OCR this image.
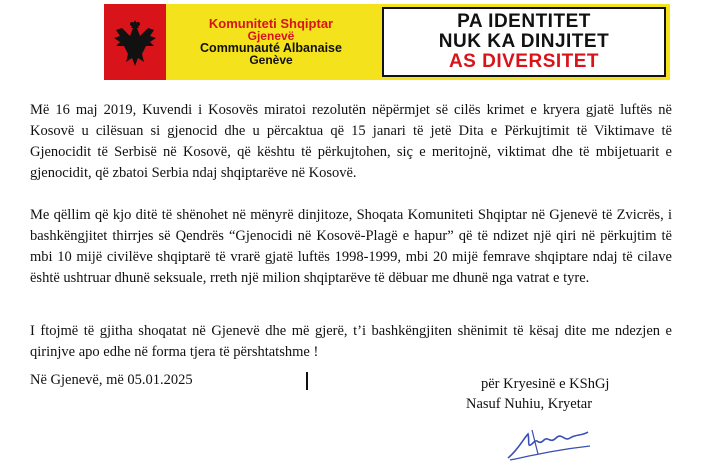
Komuniteti Shqiptar
Gjenevë
Communauté Albanaise
Genève
PA IDENTITET
NUK KA DINJITET
AS DIVERSITET

Më 16 maj 2019, Kuvendi i Kosovës miratoi rezolutën nëpërmjet së cilës krimet e kryera gjatë luftës në Kosovë u cilësuan si gjenocid dhe u përcaktua që 15 janari të jetë Dita e Përkujtimit të Viktimave të Gjenocidit të Serbisë në Kosovë, që kështu të përkujtohen, siç e meritojnë, viktimat dhe të mbijetuarit e gjenocidit, që zbatoi Serbia ndaj shqiptarëve në Kosovë.

Me qëllim që kjo ditë të shënohet në mënyrë dinjitoze, Shoqata Komuniteti Shqiptar në Gjenevë të Zvicrës, i bashkëngjitet thirrjes së Qendrës “Gjenocidi në Kosovë-Plagë e hapur” që të ndizet një qiri në përkujtim të mbi 10 mijë civilëve shqiptarë të vrarë gjatë luftës 1998-1999, mbi 20 mijë femrave shqiptare ndaj të cilave është ushtruar dhunë seksuale, rreth një milion shqiptarëve të dëbuar me dhunë nga vatrat e tyre.

I ftojmë të gjitha shoqatat në Gjenevë dhe më gjerë, t’i bashkëngjiten shënimit të kësaj dite me ndezjen e qirinjve apo edhe në forma tjera të përshtatshme !

Në Gjenevë, më 05.01.2025	për Kryesinë e KShGj
Nasuf Nuhiu, Kryetar
